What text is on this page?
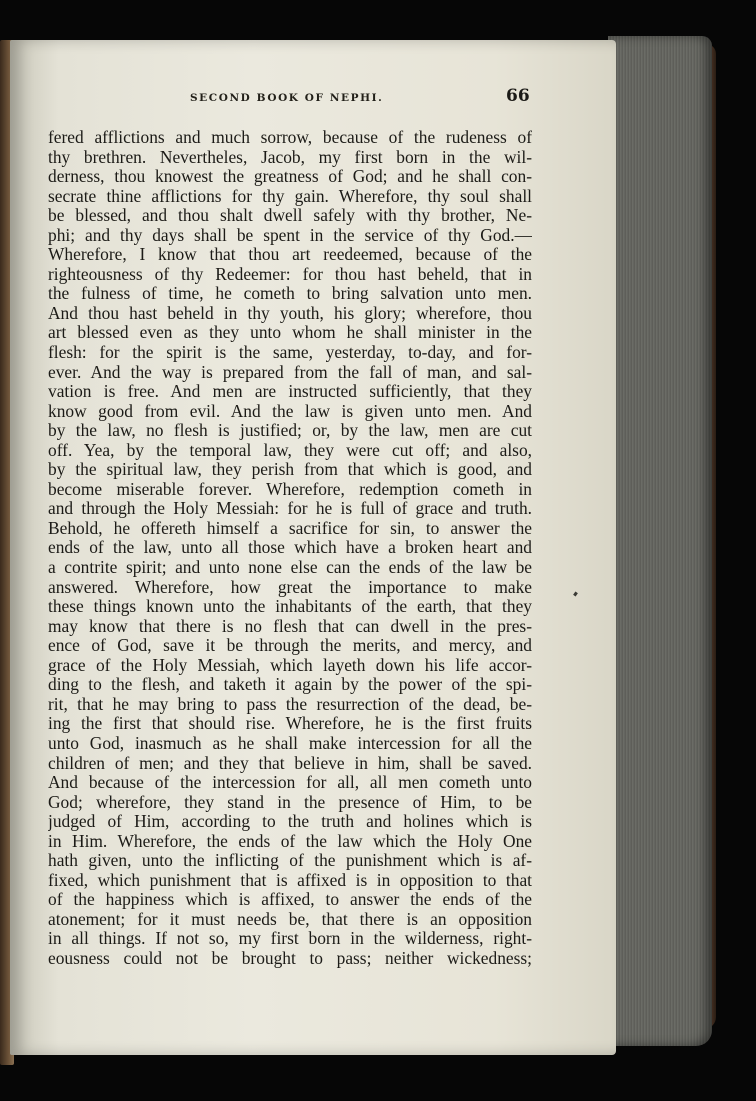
SECOND BOOK OF NEPHI.	66
fered afflictions and much sorrow, because of the rudeness of
thy brethren. Nevertheles, Jacob, my first born in the wil-
derness, thou knowest the greatness of God; and he shall con-
secrate thine afflictions for thy gain. Wherefore, thy soul shall
be blessed, and thou shalt dwell safely with thy brother, Ne-
phi; and thy days shall be spent in the service of thy God.—
Wherefore, I know that thou art reedeemed, because of the
righteousness of thy Redeemer: for thou hast beheld, that in
the fulness of time, he cometh to bring salvation unto men.
And thou hast beheld in thy youth, his glory; wherefore, thou
art blessed even as they unto whom he shall minister in the
flesh: for the spirit is the same, yesterday, to-day, and for-
ever. And the way is prepared from the fall of man, and sal-
vation is free. And men are instructed sufficiently, that they
know good from evil. And the law is given unto men. And
by the law, no flesh is justified; or, by the law, men are cut
off. Yea, by the temporal law, they were cut off; and also,
by the spiritual law, they perish from that which is good, and
become miserable forever. Wherefore, redemption cometh in
and through the Holy Messiah: for he is full of grace and truth.
Behold, he offereth himself a sacrifice for sin, to answer the
ends of the law, unto all those which have a broken heart and
a contrite spirit; and unto none else can the ends of the law be
answered. Wherefore, how great the importance to make
these things known unto the inhabitants of the earth, that they
may know that there is no flesh that can dwell in the pres-
ence of God, save it be through the merits, and mercy, and
grace of the Holy Messiah, which layeth down his life accor-
ding to the flesh, and taketh it again by the power of the spi-
rit, that he may bring to pass the resurrection of the dead, be-
ing the first that should rise. Wherefore, he is the first fruits
unto God, inasmuch as he shall make intercession for all the
children of men; and they that believe in him, shall be saved.
And because of the intercession for all, all men cometh unto
God; wherefore, they stand in the presence of Him, to be
judged of Him, according to the truth and holines which is
in Him. Wherefore, the ends of the law which the Holy One
hath given, unto the inflicting of the punishment which is af-
fixed, which punishment that is affixed is in opposition to that
of the happiness which is affixed, to answer the ends of the
atonement; for it must needs be, that there is an opposition
in all things. If not so, my first born in the wilderness, right-
eousness could not be brought to pass; neither wickedness;
